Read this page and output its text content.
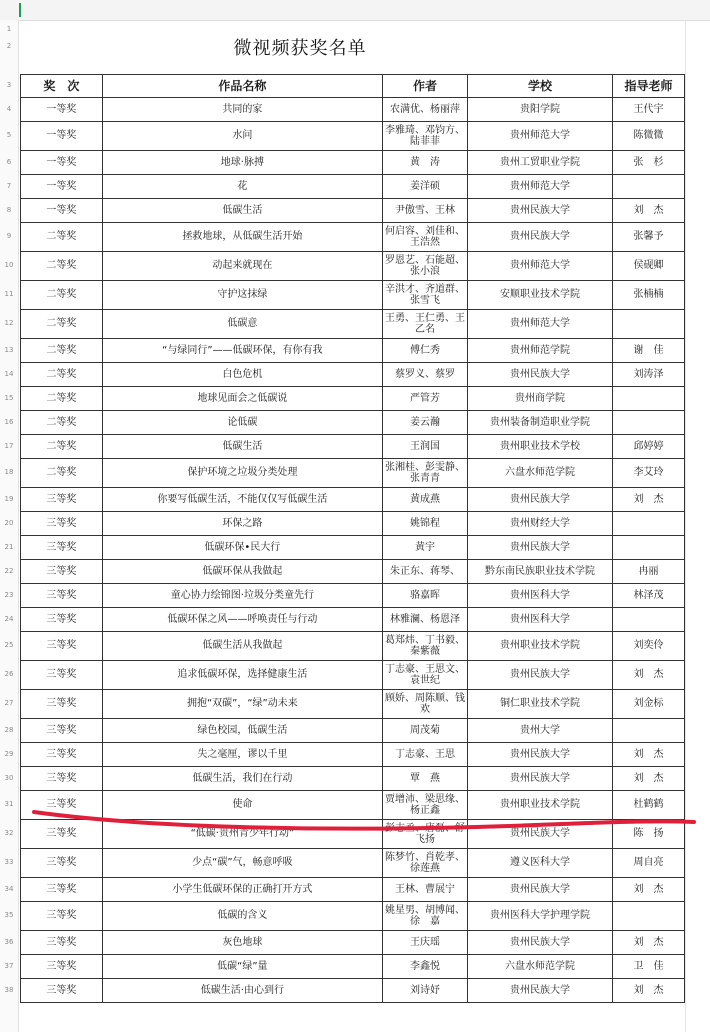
1
2
3
4
5
6
7
8
9
10
11
12
13
14
15
16
17
18
19
20
21
22
23
24
25
26
27
28
29
30
31
32
33
34
35
36
37
38
微视频获奖名单
奖　次	作品名称	作者	学校	指导老师
一等奖	共同的家	农满优、杨丽萍	贵阳学院	王代宇
一等奖	水问	李雅琦、邓钧方、陆菲菲	贵州师范大学	陈微微
一等奖	地球·脉搏	黄　涛	贵州工贸职业学院	张　杉
一等奖	花	姜洋硕	贵州师范大学	
一等奖	低碳生活	尹傲雪、王林	贵州民族大学	刘　杰
二等奖	拯救地球，从低碳生活开始	何启容、刘佳和、王浩然	贵州民族大学	张馨予
二等奖	动起来就现在	罗恩艺、石能超、张小浪	贵州师范大学	侯砚卿
二等奖	守护这抹绿	辛洪才、齐道群、张雪飞	安顺职业技术学院	张楠楠
二等奖	低碳意	王勇、王仁勇、王乙名	贵州师范大学	
二等奖	“与绿同行”——低碳环保，有你有我	傅仁秀	贵州师范学院	谢　佳
二等奖	白色危机	蔡罗义、蔡罗	贵州民族大学	刘涛泽
二等奖	地球见面会之低碳说	严管芳	贵州商学院	
二等奖	论低碳	姜云瀚	贵州装备制造职业学院	
二等奖	低碳生活	王润国	贵州职业技术学校	邱婷婷
二等奖	保护环境之垃圾分类处理	张湘桂、彭雯静、张青青	六盘水师范学院	李艾玲
三等奖	你要写低碳生活，不能仅仅写低碳生活	黄成燕	贵州民族大学	刘　杰
三等奖	环保之路	姚锦程	贵州财经大学	
三等奖	低碳环保•民大行	黄宇	贵州民族大学	
三等奖	低碳环保从我做起	朱正东、蒋琴、	黔东南民族职业技术学院	冉丽
三等奖	童心协力绘锦图·垃圾分类童先行	骆嘉晖	贵州医科大学	林泽茂
三等奖	低碳环保之风——呼唤责任与行动	林雅澜、杨恩泽	贵州医科大学	
三等奖	低碳生活从我做起	葛郑炜、丁书毅、秦紫薇	贵州职业技术学院	刘奕伶
三等奖	追求低碳环保，选择健康生活	丁志豪、王思文、袁世纪	贵州民族大学	刘　杰
三等奖	拥抱“双碳”，“绿”动未来	顾娇、周陈顺、钱欢	铜仁职业技术学院	刘金标
三等奖	绿色校园，低碳生活	周茂菊	贵州大学	
三等奖	失之毫厘，谬以千里	丁志豪、王思	贵州民族大学	刘　杰
三等奖	低碳生活，我们在行动	覃　燕	贵州民族大学	刘　杰
三等奖	使命	贾增沛、梁思缘、杨正鑫	贵州职业技术学院	杜鹤鹤
三等奖	“低碳·贵州青少年行动”	彭志丞、唐磊、舒飞扬	贵州民族大学	陈　扬
三等奖	少点“碳”气，畅意呼吸	陈梦竹、肖乾孝、徐莲燕	遵义医科大学	周自亮
三等奖	小学生低碳环保的正确打开方式	王林、曹展宁	贵州民族大学	刘　杰
三等奖	低碳的含义	姚星男、胡博闻、徐　嘉	贵州医科大学护理学院	
三等奖	灰色地球	王庆瑶	贵州民族大学	刘　杰
三等奖	低碳“绿”量	李鑫悦	六盘水师范学院	卫　佳
三等奖	低碳生活·由心到行	刘诗妤	贵州民族大学	刘　杰
